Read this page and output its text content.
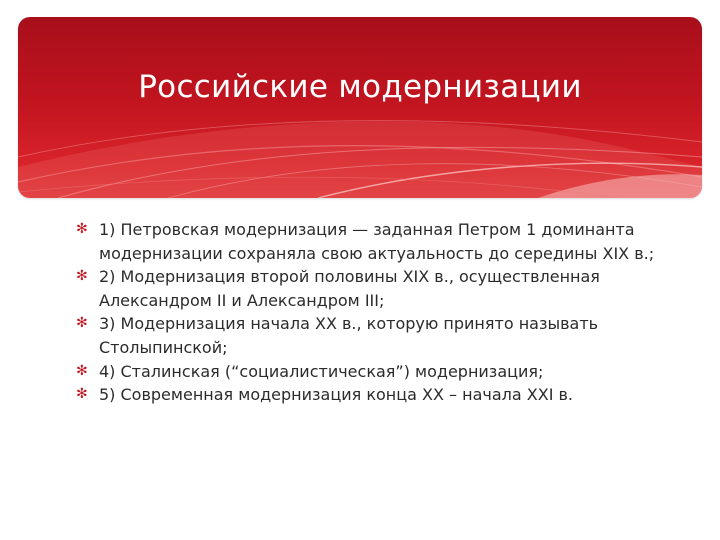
Российские модернизации
✻ 1) Петровская модернизация — заданная Петром 1 доминанта модернизации сохраняла свою актуальность до середины XIX в.;
✻ 2) Модернизация второй половины XIX в., осуществленная Александром II и Александром III;
✻ 3) Модернизация начала XX в., которую принято называть Столыпинской;
✻ 4) Сталинская (“социалистическая”) модернизация;
✻ 5) Современная модернизация конца XX – начала XXI в.
